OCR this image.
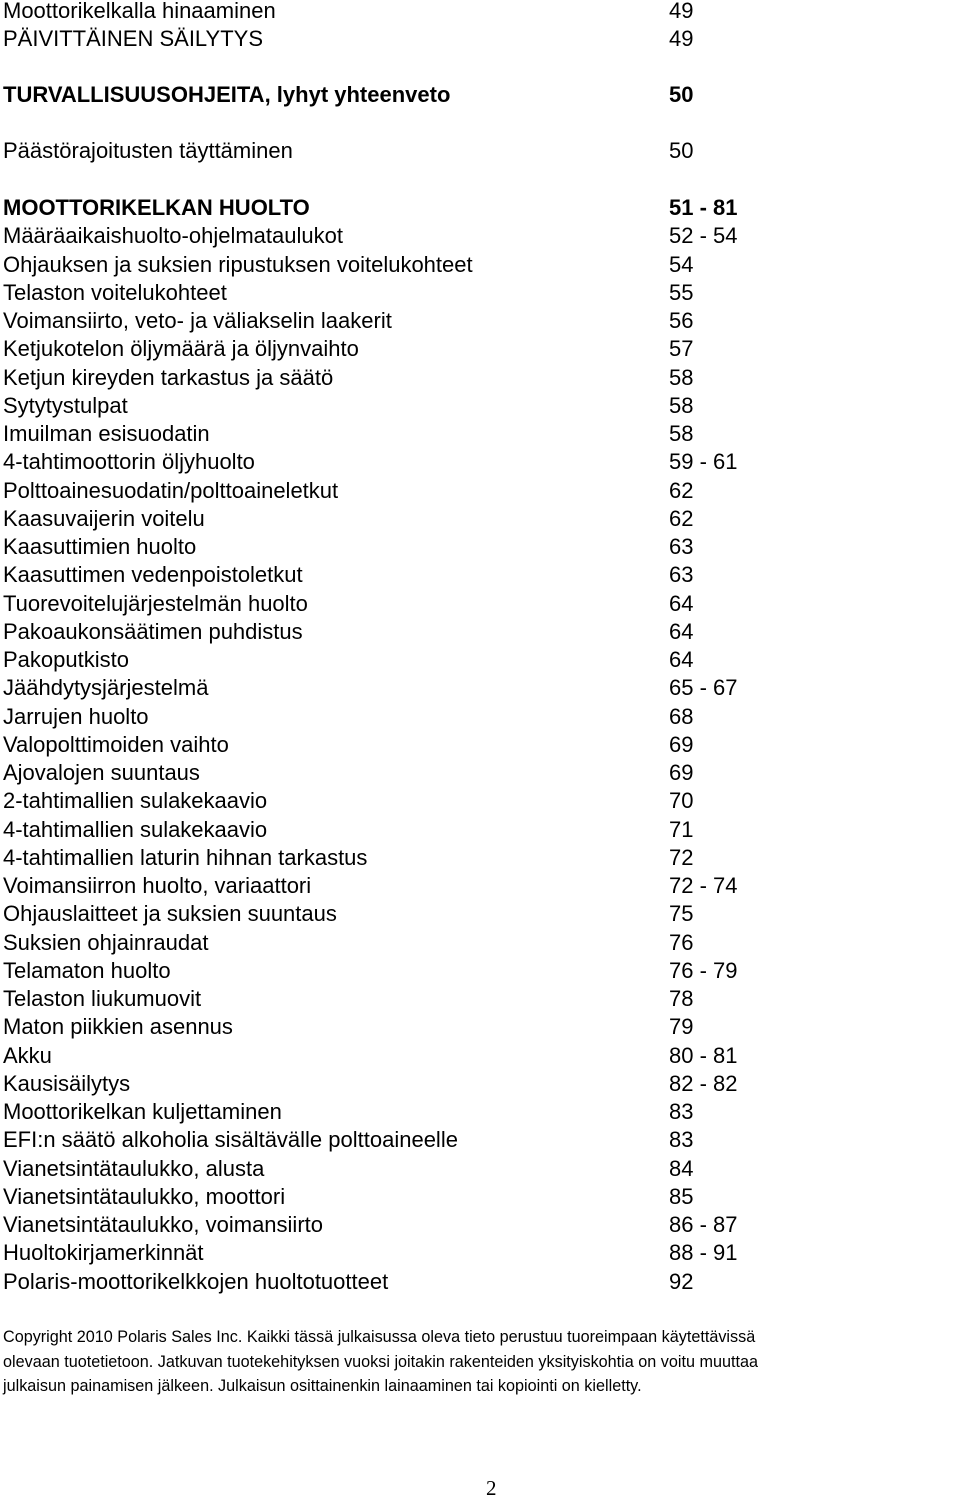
Moottorikelkalla hinaaminen	49
PÄIVITTÄINEN SÄILYTYS	49
TURVALLISUUSOHJEITA, lyhyt yhteenveto	50
Päästörajoitusten täyttäminen	50
MOOTTORIKELKAN HUOLTO	51 - 81
Määräaikaishuolto-ohjelmataulukot	52 - 54
Ohjauksen ja suksien ripustuksen voitelukohteet	54
Telaston voitelukohteet	55
Voimansiirto, veto- ja väliakselin laakerit	56
Ketjukotelon öljymäärä ja öljynvaihto	57
Ketjun kireyden tarkastus ja säätö	58
Sytytystulpat	58
Imuilman esisuodatin	58
4-tahtimoottorin öljyhuolto	59 - 61
Polttoainesuodatin/polttoaineletkut	62
Kaasuvaijerin voitelu	62
Kaasuttimien huolto	63
Kaasuttimen vedenpoistoletkut	63
Tuorevoitelujärjestelmän huolto	64
Pakoaukonsäätimen puhdistus	64
Pakoputkisto	64
Jäähdytysjärjestelmä	65 - 67
Jarrujen huolto	68
Valopolttimoiden vaihto	69
Ajovalojen suuntaus	69
2-tahtimallien sulakekaavio	70
4-tahtimallien sulakekaavio	71
4-tahtimallien laturin hihnan tarkastus	72
Voimansiirron huolto, variaattori	72 - 74
Ohjauslaitteet ja suksien suuntaus	75
Suksien ohjainraudat	76
Telamaton huolto	76 - 79
Telaston liukumuovit	78
Maton piikkien asennus	79
Akku	80 - 81
Kausisäilytys	82 - 82
Moottorikelkan kuljettaminen	83
EFI:n säätö alkoholia sisältävälle polttoaineelle	83
Vianetsintätaulukko, alusta	84
Vianetsintätaulukko, moottori	85
Vianetsintätaulukko, voimansiirto	86 - 87
Huoltokirjamerkinnät	88 - 91
Polaris-moottorikelkkojen huoltotuotteet	92
Copyright 2010 Polaris Sales Inc. Kaikki tässä julkaisussa oleva tieto perustuu tuoreimpaan käytettävissä
olevaan tuotetietoon. Jatkuvan tuotekehityksen vuoksi joitakin rakenteiden yksityiskohtia on voitu muuttaa
julkaisun painamisen jälkeen. Julkaisun osittainenkin lainaaminen tai kopiointi on kielletty.
2
